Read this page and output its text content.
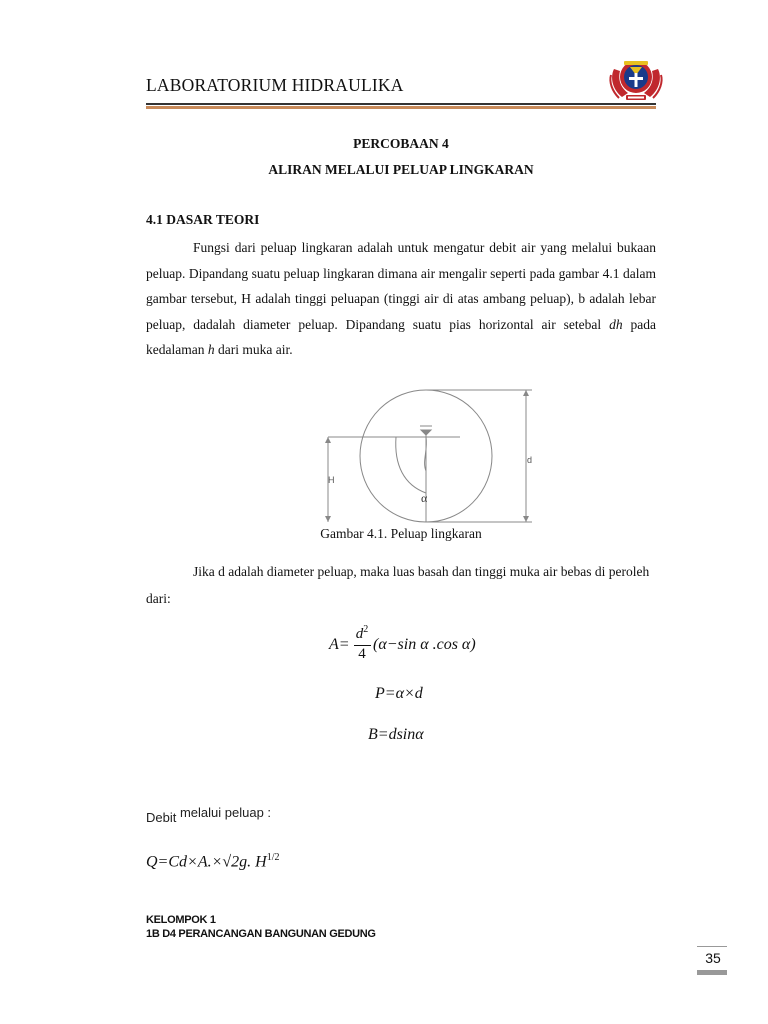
LABORATORIUM HIDRAULIKA
PERCOBAAN 4
ALIRAN MELALUI PELUAP LINGKARAN
4.1 DASAR TEORI
Fungsi dari peluap lingkaran adalah untuk mengatur debit air yang melalui bukaan peluap. Dipandang suatu peluap lingkaran dimana air mengalir seperti pada gambar 4.1 dalam gambar tersebut, H adalah tinggi peluapan (tinggi air di atas ambang peluap), b adalah lebar peluap, dadalah diameter peluap. Dipandang suatu pias horizontal air setebal dh pada kedalaman h dari muka air.
H
d
α
Gambar 4.1. Peluap lingkaran
Jika d adalah diameter peluap, maka luas basah dan tinggi muka air bebas di peroleh dari:
A=
$d^2$
4
(α−sin α .cos α)
P=α×d
B=dsinα
Debit melalui peluap :
Q=Cd×A.×√2g. $H^{1/2}$
KELOMPOK 1
1B D4 PERANCANGAN BANGUNAN GEDUNG
35
